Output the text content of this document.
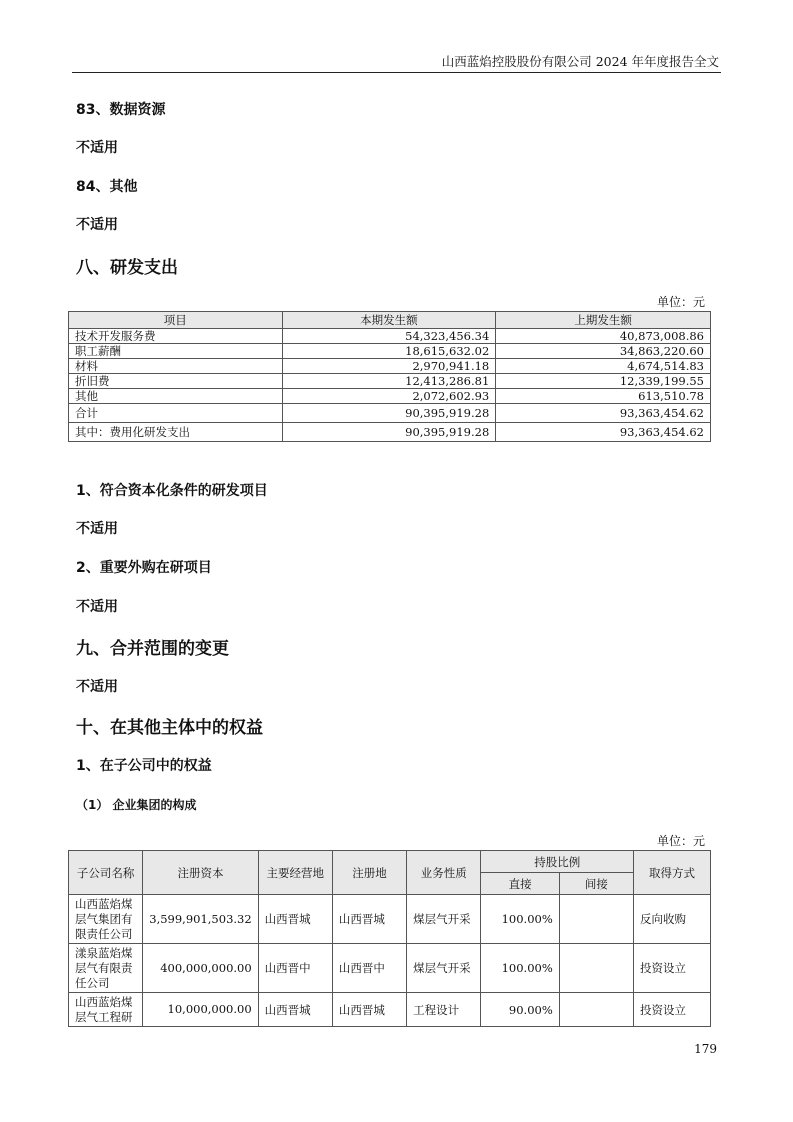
山西蓝焰控股股份有限公司 2024 年年度报告全文
83、数据资源
不适用
84、其他
不适用
八、研发支出
单位：元
项目	本期发生额	上期发生额
技术开发服务费	54,323,456.34	40,873,008.86
职工薪酬	18,615,632.02	34,863,220.60
材料	2,970,941.18	4,674,514.83
折旧费	12,413,286.81	12,339,199.55
其他	2,072,602.93	613,510.78
合计	90,395,919.28	93,363,454.62
其中：费用化研发支出	90,395,919.28	93,363,454.62
1、符合资本化条件的研发项目
不适用
2、重要外购在研项目
不适用
九、合并范围的变更
不适用
十、在其他主体中的权益
1、在子公司中的权益
（1） 企业集团的构成
单位：元
子公司名称	注册资本	主要经营地	注册地	业务性质	持股比例		取得方式
					直接	间接	
山西蓝焰煤层气集团有限责任公司	3,599,901,503.32	山西晋城	山西晋城	煤层气开采	100.00%		反向收购
漾泉蓝焰煤层气有限责任公司	400,000,000.00	山西晋中	山西晋中	煤层气开采	100.00%		投资设立
山西蓝焰煤层气工程研	10,000,000.00	山西晋城	山西晋城	工程设计	90.00%		投资设立
179
